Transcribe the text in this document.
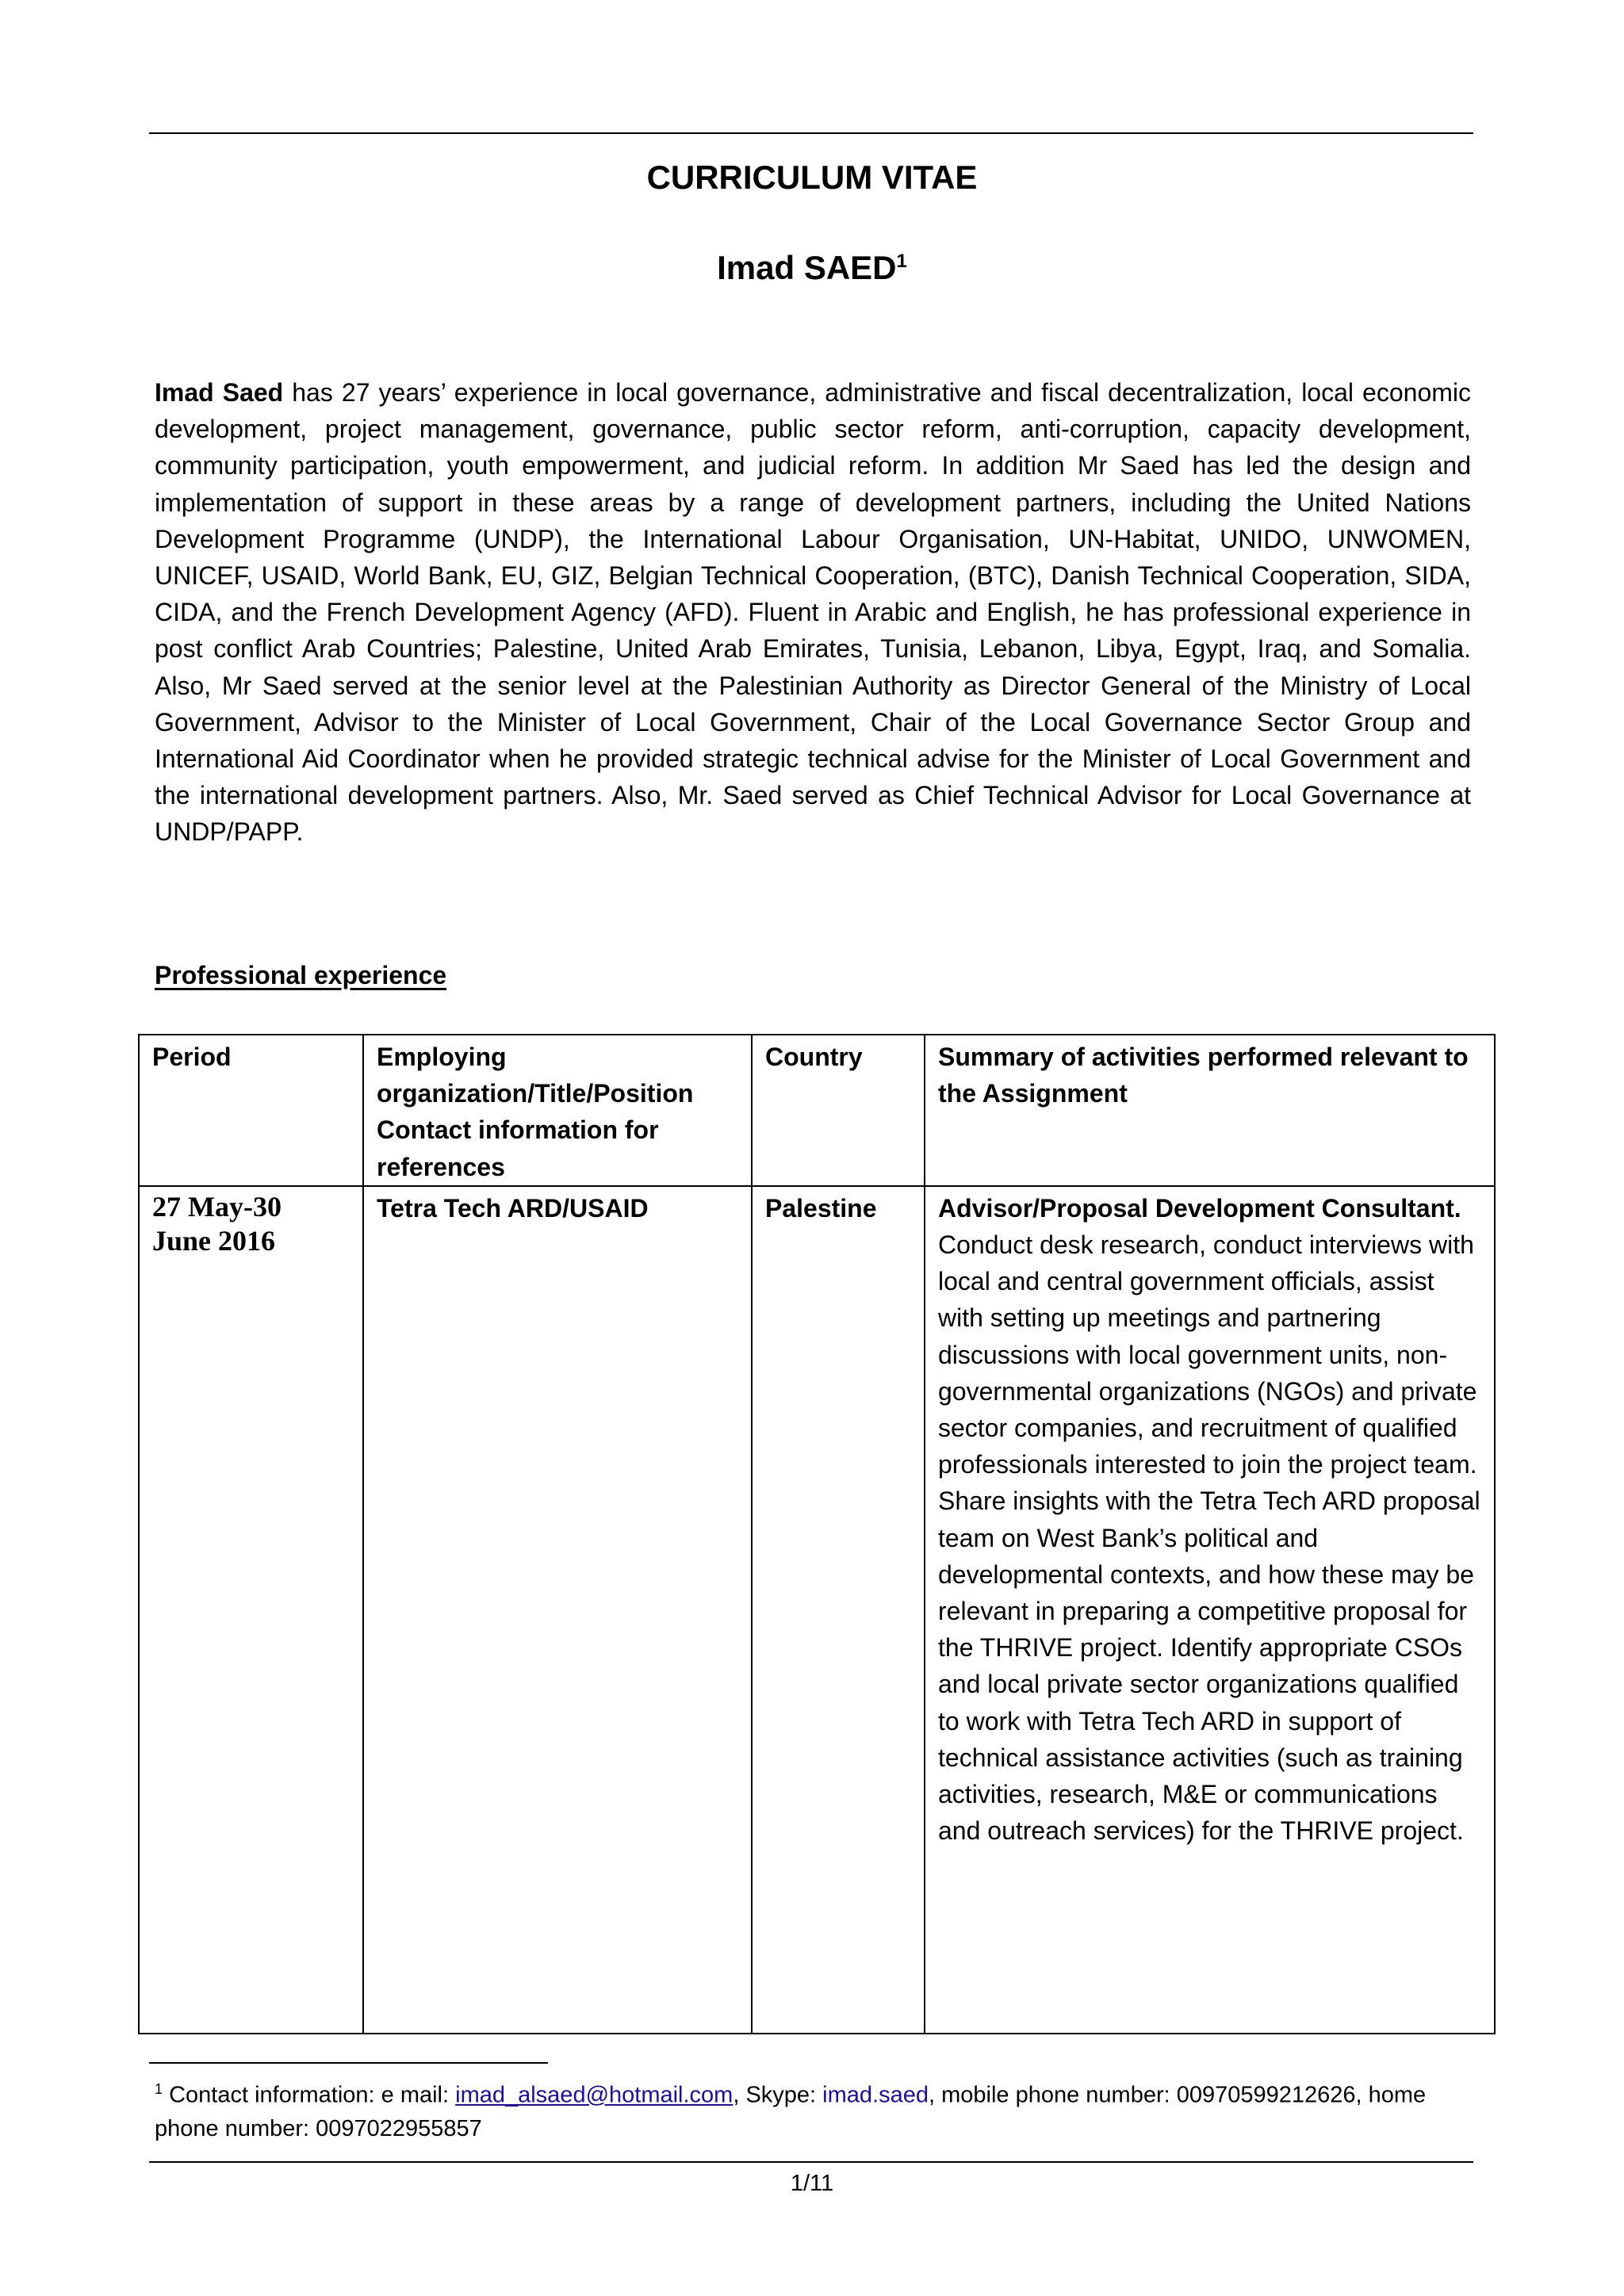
CURRICULUM VITAE
Imad SAED$^1$

Imad Saed has 27 years’ experience in local governance, administrative and fiscal decentralization, local economic development, project management, governance, public sector reform, anti-corruption, capacity development, community participation, youth empowerment, and judicial reform. In addition Mr Saed has led the design and implementation of support in these areas by a range of development partners, including the United Nations Development Programme (UNDP), the International Labour Organisation, UN-Habitat, UNIDO, UNWOMEN, UNICEF, USAID, World Bank, EU, GIZ, Belgian Technical Cooperation, (BTC), Danish Technical Cooperation, SIDA, CIDA, and the French Development Agency (AFD). Fluent in Arabic and English, he has professional experience in post conflict Arab Countries; Palestine, United Arab Emirates, Tunisia, Lebanon, Libya, Egypt, Iraq, and Somalia. Also, Mr Saed served at the senior level at the Palestinian Authority as Director General of the Ministry of Local Government, Advisor to the Minister of Local Government, Chair of the Local Governance Sector Group and International Aid Coordinator when he provided strategic technical advise for the Minister of Local Government and the international development partners. Also, Mr. Saed served as Chief Technical Advisor for Local Governance at UNDP/PAPP.

Professional experience
Period	Employing organization/Title/Position Contact information for references	Country	Summary of activities performed relevant to the Assignment

27 May-30 June 2016	Tetra Tech ARD/USAID	Palestine	Advisor/Proposal Development Consultant. Conduct desk research, conduct interviews with local and central government officials, assist with setting up meetings and partnering discussions with local government units, non-governmental organizations (NGOs) and private sector companies, and recruitment of qualified professionals interested to join the project team. Share insights with the Tetra Tech ARD proposal team on West Bank’s political and developmental contexts, and how these may be relevant in preparing a competitive proposal for the THRIVE project. Identify appropriate CSOs and local private sector organizations qualified to work with Tetra Tech ARD in support of technical assistance activities (such as training activities, research, M&E or communications and outreach services) for the THRIVE project.
$^1$ Contact information: e mail: imad_alsaed@hotmail.com, Skype: imad.saed, mobile phone number: 00970599212626, home phone number: 0097022955857
1/11
